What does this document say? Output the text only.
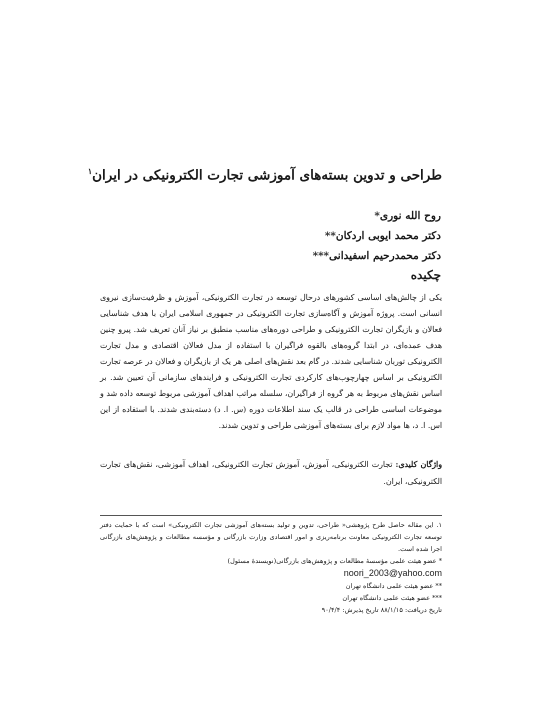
طراحی و تدوین بسته‌های آموزشی تجارت الکترونیکی در ایران$^۱$
روح الله نوری*
دکتر محمد ایوبی اردکان**
دکتر محمدرحیم اسفیدانی***
چکیده
یکی از چالش‌های اساسی کشورهای درحال توسعه در تجارت الکترونیکی، آموزش و ظرفیت‌سازی نیروی انسانی است. پروژه آموزش و آگاه‌سازی تجارت الکترونیکی در جمهوری اسلامی ایران با هدف شناسایی فعالان و بازیگران تجارت الکترونیکی و طراحی دوره‌های مناسب منطبق بر نیاز آنان تعریف شد. پیرو چنین هدف عمده‌ای، در ابتدا گروه‌های بالقوه فراگیران با استفاده از مدل فعالان اقتصادی و مدل تجارت الکترونیکی توربان شناسایی شدند. در گام بعد نقش‌های اصلی هر یک از بازیگران و فعالان در عرصه تجارت الکترونیکی بر اساس چهارچوب‌های کارکردی تجارت الکترونیکی و فرایندهای سازمانی آن تعیین شد. بر اساس نقش‌های مربوط به هر گروه از فراگیران، سلسله مراتب اهداف آموزشی مربوط توسعه داده شد و موضوعات اساسی طراحی در قالب یک سند اطلاعات دوره (س. ا. د) دسته‌بندی شدند. با استفاده از این اس. ا. د، ها مواد لازم برای بسته‌های آموزشی طراحی و تدوین شدند.
واژگان کلیدی: تجارت الکترونیکی، آموزش، آموزش تجارت الکترونیکی، اهداف آموزشی، نقش‌های تجارت الکترونیکی، ایران.
۱. این مقاله حاصل طرح پژوهشی« طراحی، تدوین و تولید بسته‌های آموزشی تجارت الکترونیکی» است که با حمایت دفتر توسعه تجارت الکترونیکی معاونت برنامه‌ریزی و امور اقتصادی وزارت بازرگانی و مؤسسه مطالعات و پژوهش‌های بازرگانی اجرا شده است.
* عضو هیئت علمی مؤسسهٔ مطالعات و پژوهش‌های بازرگانی(نویسندهٔ مسئول)
noori_2003@yahoo.com
** عضو هیئت علمی دانشگاه تهران
*** عضو هیئت علمی دانشگاه تهران
تاریخ دریافت: ۸۸/۱/۱۵ تاریخ پذیرش: ۹۰/۴/۴
